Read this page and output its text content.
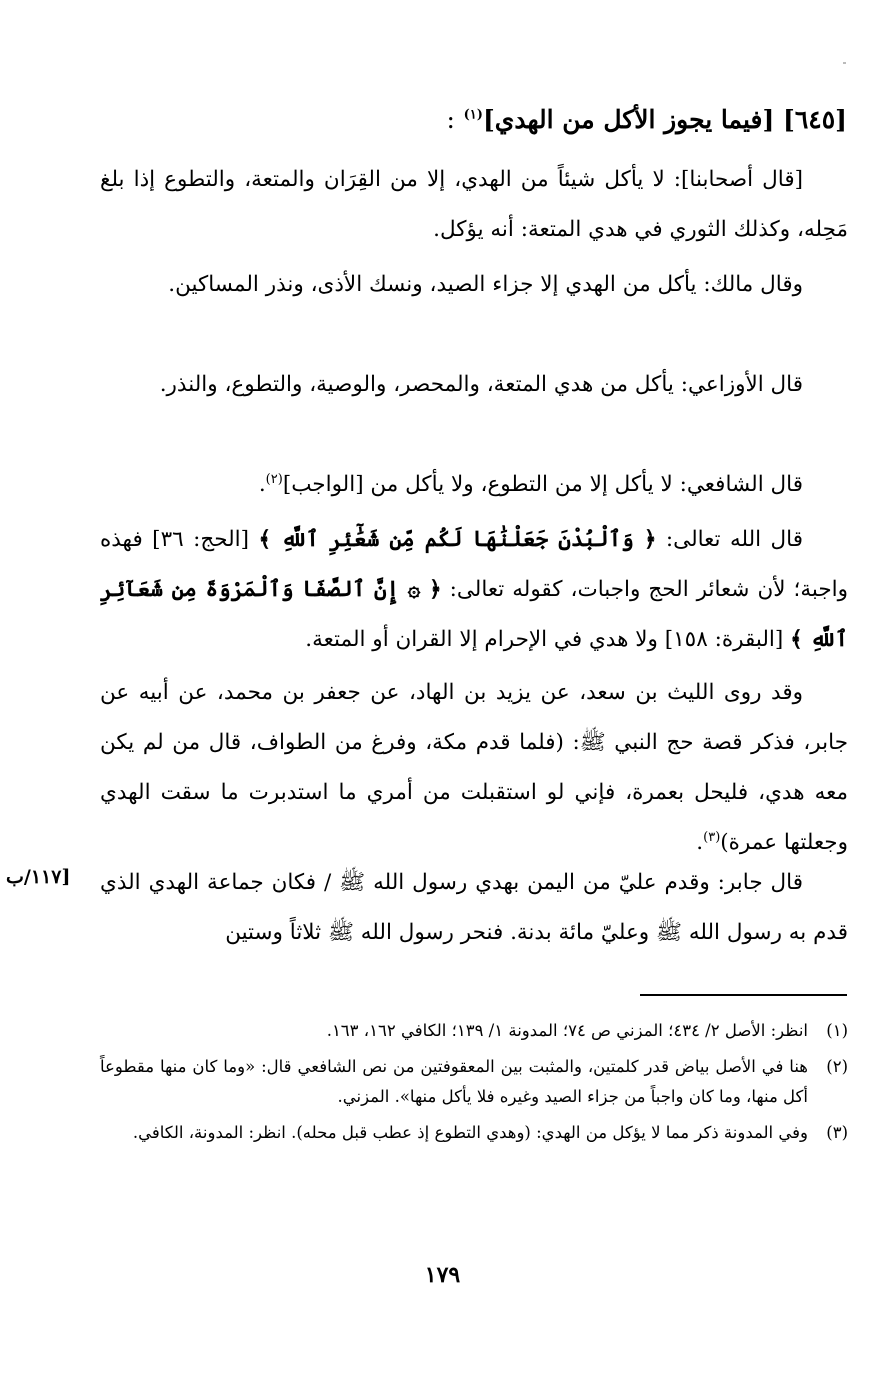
[٦٤٥] [فيما يجوز الأكل من الهدي]$^{(١)}$ :
[قال أصحابنا]: لا يأكل شيئاً من الهدي، إلا من القِرَان والمتعة، والتطوع إذا بلغ مَحِله، وكذلك الثوري في هدي المتعة: أنه يؤكل.
وقال مالك: يأكل من الهدي إلا جزاء الصيد، ونسك الأذى، ونذر المساكين.
قال الأوزاعي: يأكل من هدي المتعة، والمحصر، والوصية، والتطوع، والنذر.
قال الشافعي: لا يأكل إلا من التطوع، ولا يأكل من [الواجب]$^{(٢)}$.
قال الله تعالى: ﴿ وَٱلْبُدْنَ جَعَلْنَٰهَا لَكُم مِّن شَعَٰٓئِرِ ٱللَّهِ ﴾ [الحج: ٣٦] فهذه واجبة؛ لأن شعائر الحج واجبات، كقوله تعالى: ﴿ ۞ إِنَّ ٱلصَّفَا وَٱلْمَرْوَةَ مِن شَعَآئِرِ ٱللَّهِ ﴾ [البقرة: ١٥٨] ولا هدي في الإحرام إلا القران أو المتعة.
وقد روى الليث بن سعد، عن يزيد بن الهاد، عن جعفر بن محمد، عن أبيه عن جابر، فذكر قصة حج النبي ﷺ: (فلما قدم مكة، وفرغ من الطواف، قال من لم يكن معه هدي، فليحل بعمرة، فإني لو استقبلت من أمري ما استدبرت ما سقت الهدي وجعلتها عمرة)$^{(٣)}$.
قال جابر: وقدم عليّ من اليمن بهدي رسول الله ﷺ / فكان جماعة الهدي الذي قدم به رسول الله ﷺ وعليّ مائة بدنة. فنحر رسول الله ﷺ ثلاثاً وستين
[١١٧/ب
(١)
انظر: الأصل ٢/ ٤٣٤؛ المزني ص ٧٤؛ المدونة ١/ ١٣٩؛ الكافي ١٦٢، ١٦٣.
(٢)
هنا في الأصل بياض قدر كلمتين، والمثبت بين المعقوفتين من نص الشافعي قال: «وما كان منها مقطوعاً أكل منها، وما كان واجباً من جزاء الصيد وغيره فلا يأكل منها». المزني.
(٣)
وفي المدونة ذكر مما لا يؤكل من الهدي: (وهدي التطوع إذ عطب قبل محله). انظر: المدونة، الكافي.
١٧٩
